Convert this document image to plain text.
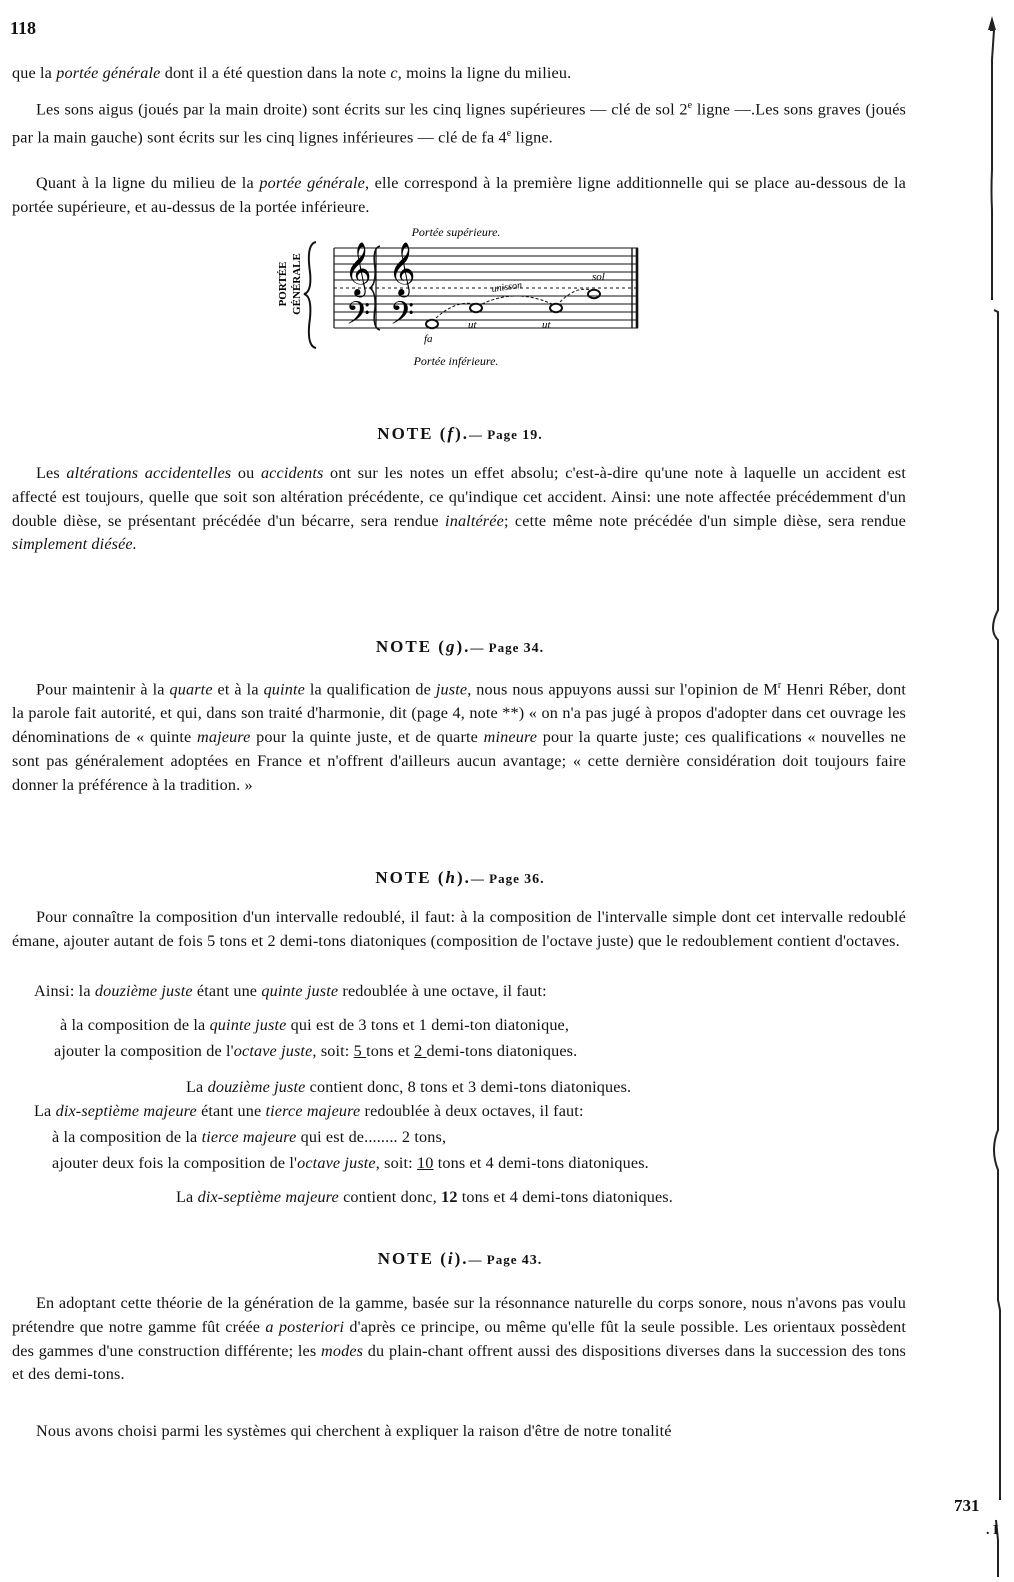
118

que la portée générale dont il a été question dans la note c, moins la ligne du milieu.

Les sons aigus (joués par la main droite) sont écrits sur les cinq lignes supérieures — clé de sol 2e ligne —.Les sons graves (joués par la main gauche) sont écrits sur les cinq lignes inférieures — clé de fa 4e ligne.

Quant à la ligne du milieu de la portée générale, elle correspond à la première ligne additionnelle qui se place au-dessous de la portée supérieure, et au-dessus de la portée inférieure.

PORTÉE GÉNÉRALE
Portée supérieure.
𝄞
𝄢
𝄞
𝄢
sol
unisson
ut	ut
fa
Portée inférieure.
NOTE (f).— Page 19.

Les altérations accidentelles ou accidents ont sur les notes un effet absolu; c'est-à-dire qu'une note à laquelle un accident est affecté est toujours, quelle que soit son altération précédente, ce qu'indique cet accident. Ainsi: une note affectée précédemment d'un double dièse, se présentant précédée d'un bécarre, sera rendue inaltérée; cette même note précédée d'un simple dièse, sera rendue simplement diésée.

NOTE (g).— Page 34.

Pour maintenir à la quarte et à la quinte la qualification de juste, nous nous appuyons aussi sur l'opinion de $M^r$ Henri Réber, dont la parole fait autorité, et qui, dans son traité d'harmonie, dit (page 4, note **) « on n'a pas jugé à propos d'adopter dans cet ouvrage les dénominations de « quinte majeure pour la quinte juste, et de quarte mineure pour la quarte juste; ces qualifications « nouvelles ne sont pas généralement adoptées en France et n'offrent d'ailleurs aucun avantage; « cette dernière considération doit toujours faire donner la préférence à la tradition. »

NOTE (h).— Page 36.

Pour connaître la composition d'un intervalle redoublé, il faut: à la composition de l'intervalle simple dont cet intervalle redoublé émane, ajouter autant de fois 5 tons et 2 demi-tons diatoniques (composition de l'octave juste) que le redoublement contient d'octaves.

Ainsi: la douzième juste étant une quinte juste redoublée à une octave, il faut:
à la composition de la quinte juste qui est de 3 tons et 1 demi-ton diatonique,
ajouter la composition de l'octave juste, soit: 5 tons et 2 demi-tons diatoniques.
La douzième juste contient donc, 8 tons et 3 demi-tons diatoniques.
La dix-septième majeure étant une tierce majeure redoublée à deux octaves, il faut:
à la composition de la tierce majeure qui est de........ 2 tons,
ajouter deux fois la composition de l'octave juste, soit: 10 tons et 4 demi-tons diatoniques.
La dix-septième majeure contient donc, 12 tons et 4 demi-tons diatoniques.
NOTE (i).— Page 43.

En adoptant cette théorie de la génération de la gamme, basée sur la résonnance naturelle du corps sonore, nous n'avons pas voulu prétendre que notre gamme fût créée a posteriori d'après ce principe, ou même qu'elle fût la seule possible. Les orientaux possèdent des gammes d'une construction différente; les modes du plain-chant offrent aussi des dispositions diverses dans la succession des tons et des demi-tons.

Nous avons choisi parmi les systèmes qui cherchent à expliquer la raison d'être de notre tonalité

731
. I
